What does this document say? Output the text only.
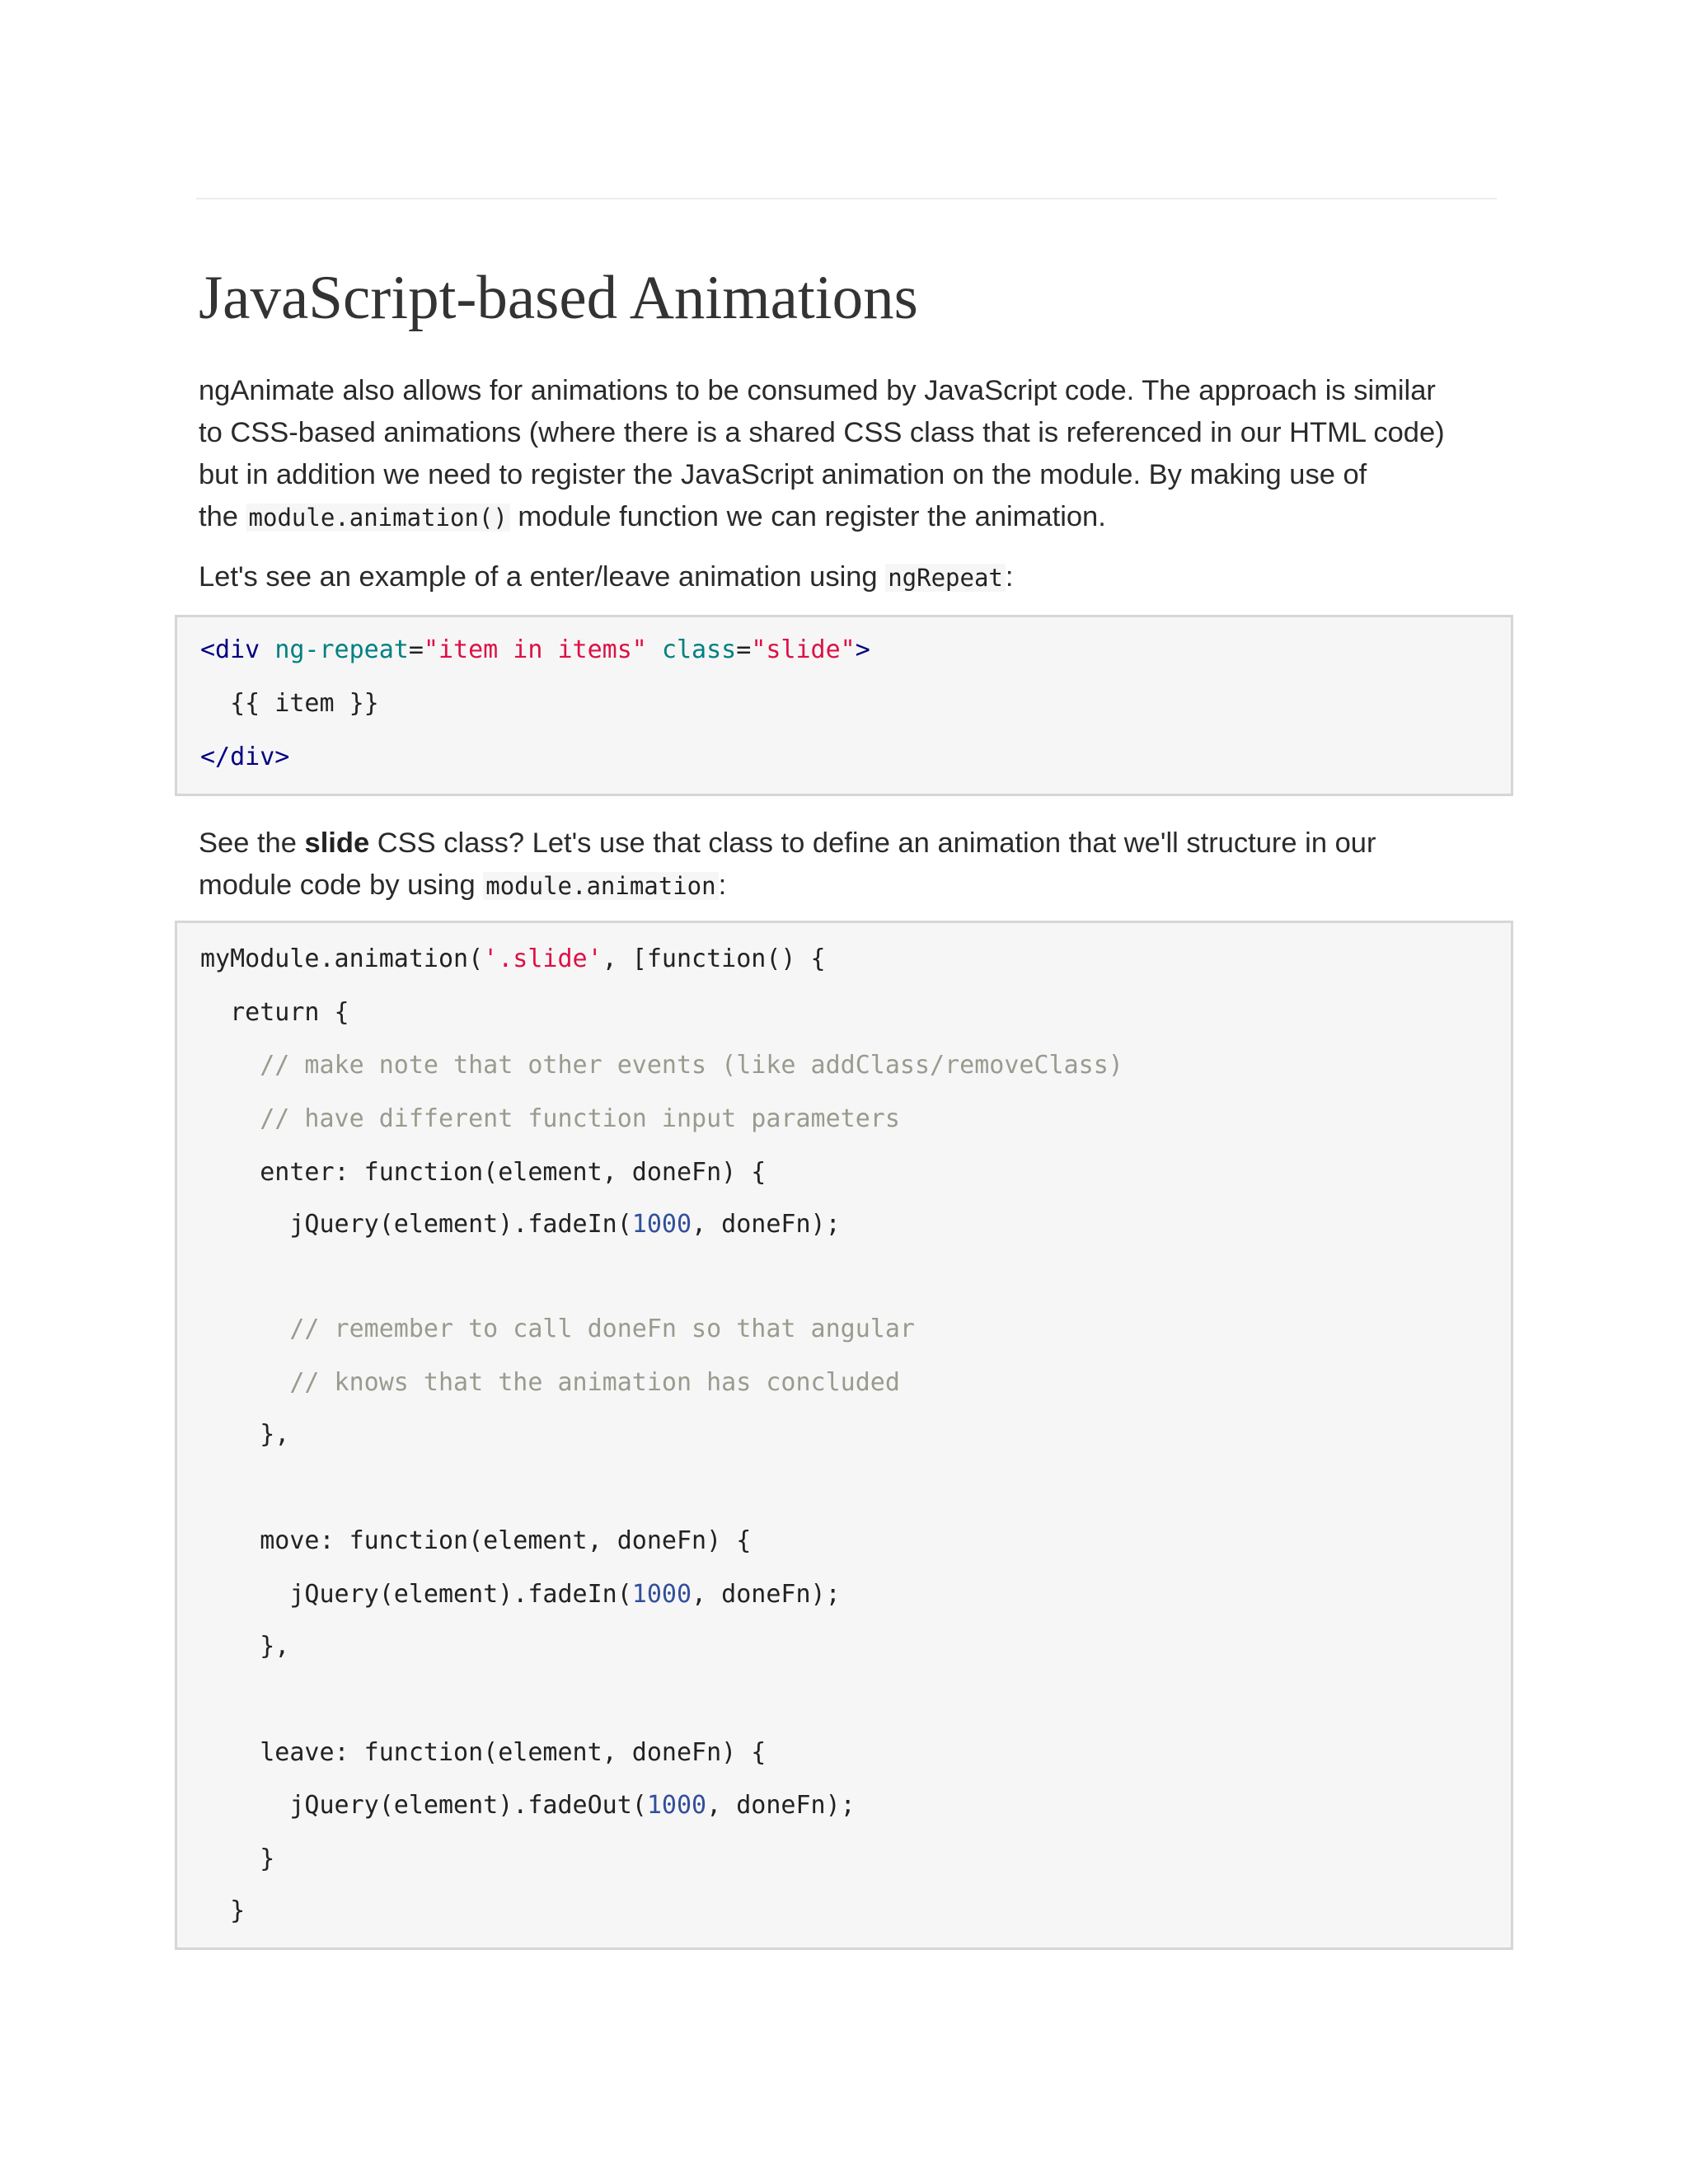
JavaScript-based Animations

ngAnimate also allows for animations to be consumed by JavaScript code. The approach is similar
to CSS-based animations (where there is a shared CSS class that is referenced in our HTML code)
but in addition we need to register the JavaScript animation on the module. By making use of
the module.animation() module function we can register the animation.

Let's see an example of a enter/leave animation using ngRepeat:

<div ng-repeat="item in items" class="slide">
{{ item }}
</div>

See the slide CSS class? Let's use that class to define an animation that we'll structure in our
module code by using module.animation:

myModule.animation('.slide', [function() {
return {
// make note that other events (like addClass/removeClass)
// have different function input parameters
enter: function(element, doneFn) {
jQuery(element).fadeIn(1000, doneFn);
// remember to call doneFn so that angular
// knows that the animation has concluded
},
move: function(element, doneFn) {
jQuery(element).fadeIn(1000, doneFn);
},
leave: function(element, doneFn) {
jQuery(element).fadeOut(1000, doneFn);
}
}
